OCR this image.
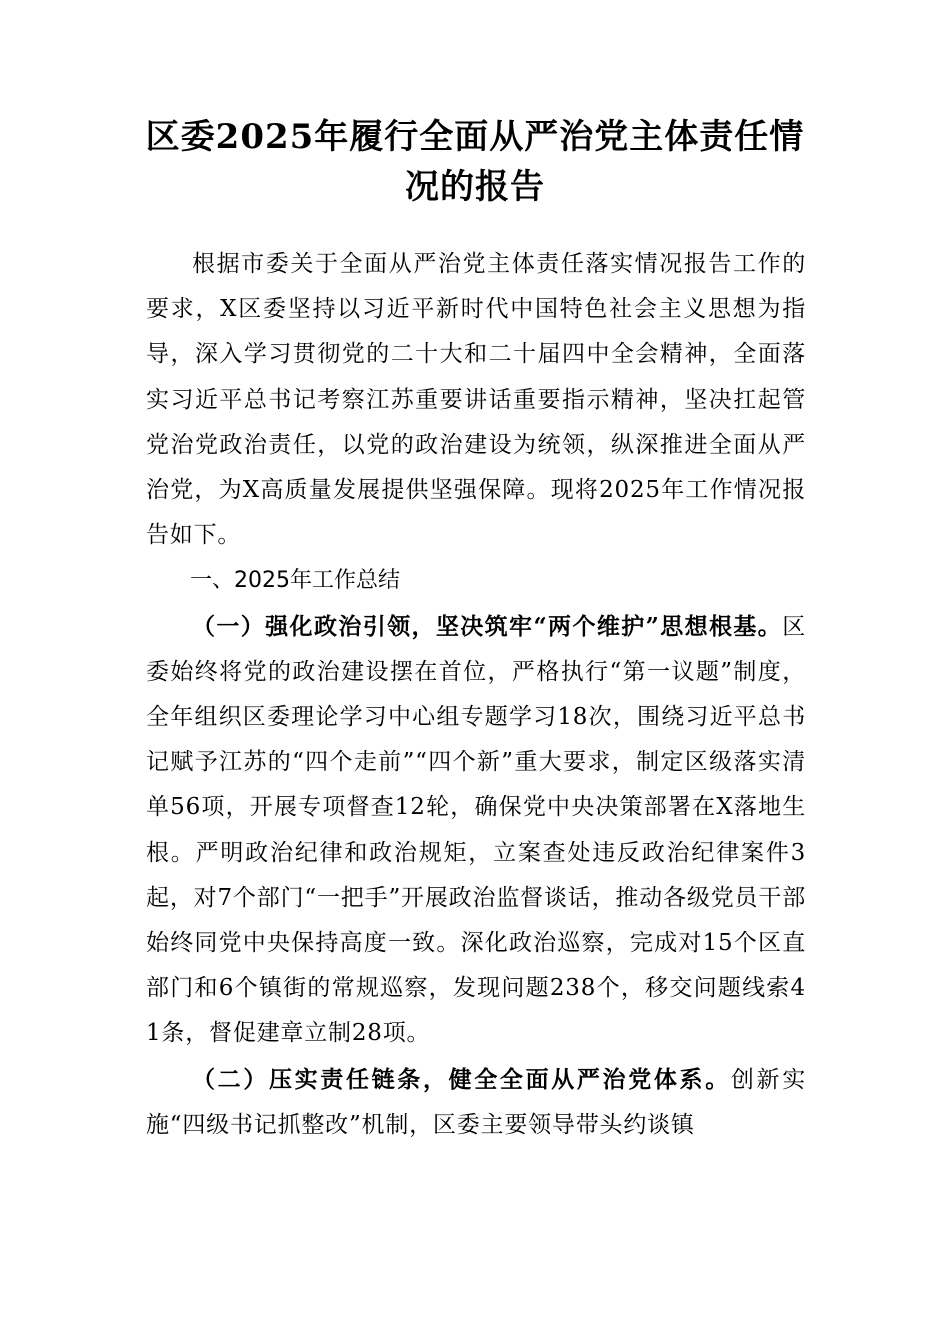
区委2025年履行全面从严治党主体责任情
况的报告

根据市委关于全面从严治党主体责任落实情况报告工作的要求，X区委坚持以习近平新时代中国特色社会主义思想为指导，深入学习贯彻党的二十大和二十届四中全会精神，全面落实习近平总书记考察江苏重要讲话重要指示精神，坚决扛起管党治党政治责任，以党的政治建设为统领，纵深推进全面从严治党，为X高质量发展提供坚强保障。现将2025年工作情况报告如下。

一、2025年工作总结

（一）强化政治引领，坚决筑牢“两个维护”思想根基。区委始终将党的政治建设摆在首位，严格执行“第一议题”制度，全年组织区委理论学习中心组专题学习18次，围绕习近平总书记赋予江苏的“四个走前”“四个新”重大要求，制定区级落实清单56项，开展专项督查12轮，确保党中央决策部署在X落地生根。严明政治纪律和政治规矩，立案查处违反政治纪律案件3起，对7个部门“一把手”开展政治监督谈话，推动各级党员干部始终同党中央保持高度一致。深化政治巡察，完成对15个区直部门和6个镇街的常规巡察，发现问题238个，移交问题线索41条，督促建章立制28项。

（二）压实责任链条，健全全面从严治党体系。创新实施“四级书记抓整改”机制，区委主要领导带头约谈镇
